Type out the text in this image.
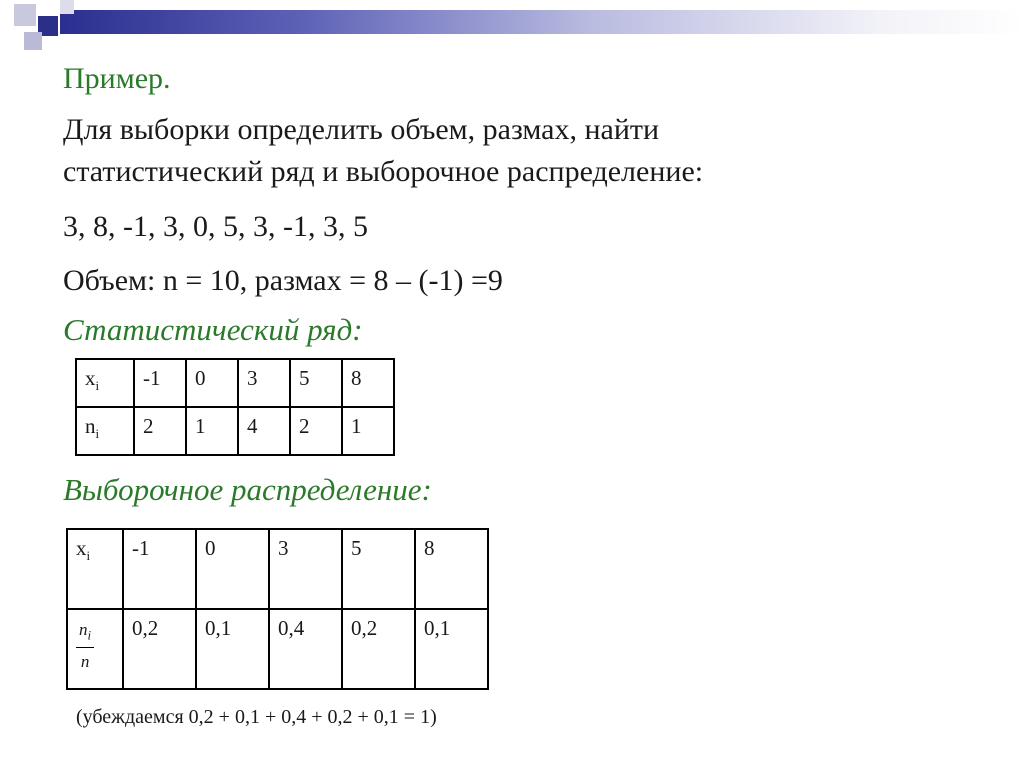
Пример.
Для выборки определить объем, размах, найти
статистический ряд и выборочное распределение:
3, 8, -1, 3, 0, 5, 3, -1, 3, 5
Объем: n = 10, размах = 8 – (-1) =9
Статистический ряд:
$x_i$	-1	0	3	5	8
$n_i$	2	1	4	2	1
Выборочное распределение:
$x_i$	-1	0	3	5	8

$\frac{n_i}{n}$	0,2	0,1	0,4	0,2	0,1
(убеждаемся 0,2 + 0,1 + 0,4 + 0,2 + 0,1 = 1)
